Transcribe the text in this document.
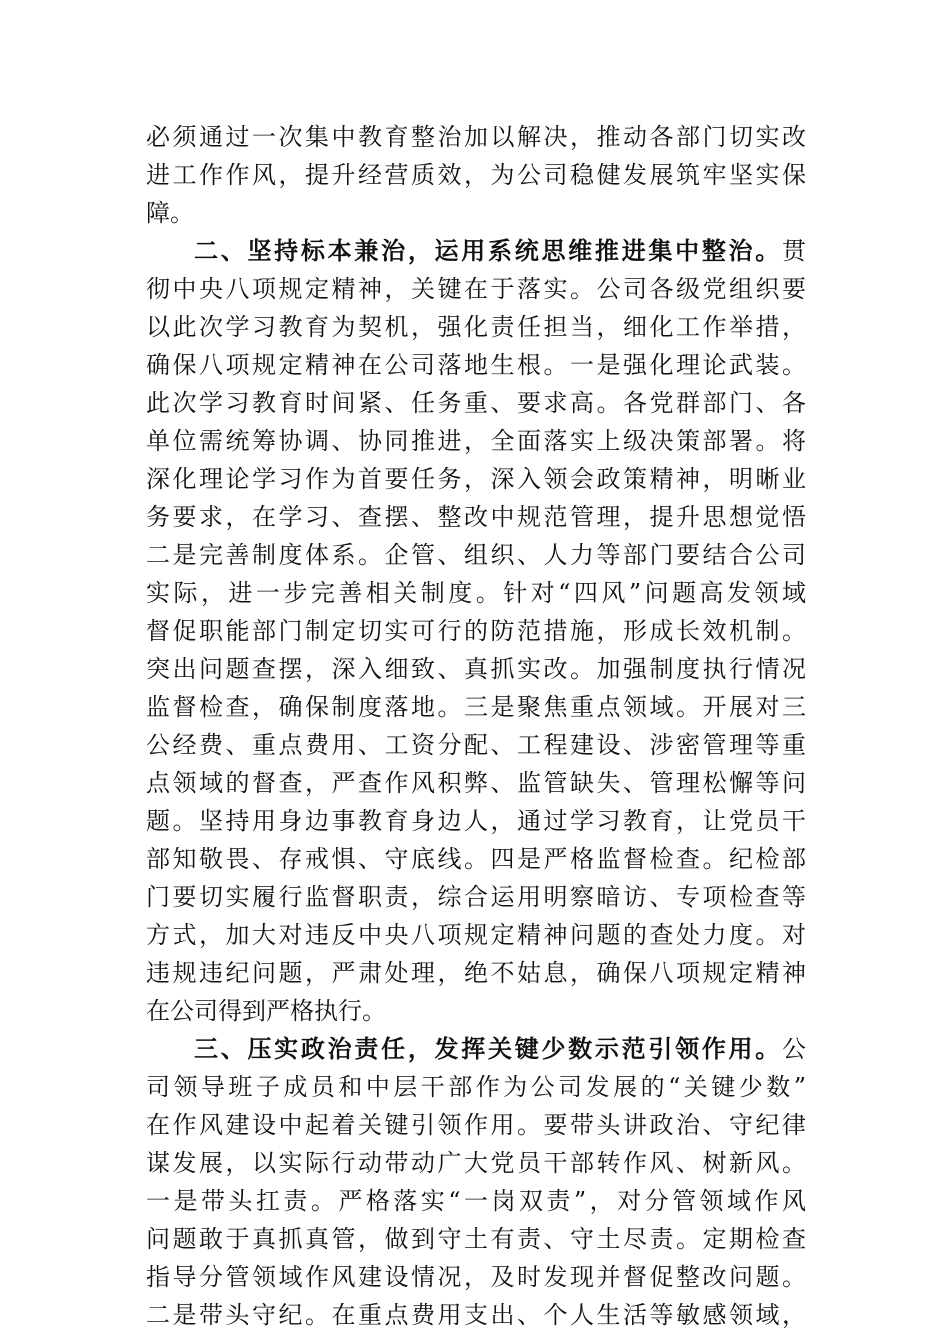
必须通过一次集中教育整治加以解决，推动各部门切实改
进工作作风，提升经营质效，为公司稳健发展筑牢坚实保
障。
二、坚持标本兼治，运用系统思维推进集中整治。贯
彻中央八项规定精神，关键在于落实。公司各级党组织要
以此次学习教育为契机，强化责任担当，细化工作举措，
确保八项规定精神在公司落地生根。一是强化理论武装。
此次学习教育时间紧、任务重、要求高。各党群部门、各
单位需统筹协调、协同推进，全面落实上级决策部署。将
深化理论学习作为首要任务，深入领会政策精神，明晰业
务要求，在学习、查摆、整改中规范管理，提升思想觉悟
二是完善制度体系。企管、组织、人力等部门要结合公司
实际，进一步完善相关制度。针对“四风”问题高发领域
督促职能部门制定切实可行的防范措施，形成长效机制。
突出问题查摆，深入细致、真抓实改。加强制度执行情况
监督检查，确保制度落地。三是聚焦重点领域。开展对三
公经费、重点费用、工资分配、工程建设、涉密管理等重
点领域的督查，严查作风积弊、监管缺失、管理松懈等问
题。坚持用身边事教育身边人，通过学习教育，让党员干
部知敬畏、存戒惧、守底线。四是严格监督检查。纪检部
门要切实履行监督职责，综合运用明察暗访、专项检查等
方式，加大对违反中央八项规定精神问题的查处力度。对
违规违纪问题，严肃处理，绝不姑息，确保八项规定精神
在公司得到严格执行。
三、压实政治责任，发挥关键少数示范引领作用。公
司领导班子成员和中层干部作为公司发展的“关键少数”
在作风建设中起着关键引领作用。要带头讲政治、守纪律
谋发展，以实际行动带动广大党员干部转作风、树新风。
一是带头扛责。严格落实“一岗双责”，对分管领域作风
问题敢于真抓真管，做到守土有责、守土尽责。定期检查
指导分管领域作风建设情况，及时发现并督促整改问题。
二是带头守纪。在重点费用支出、个人生活等敏感领域，
